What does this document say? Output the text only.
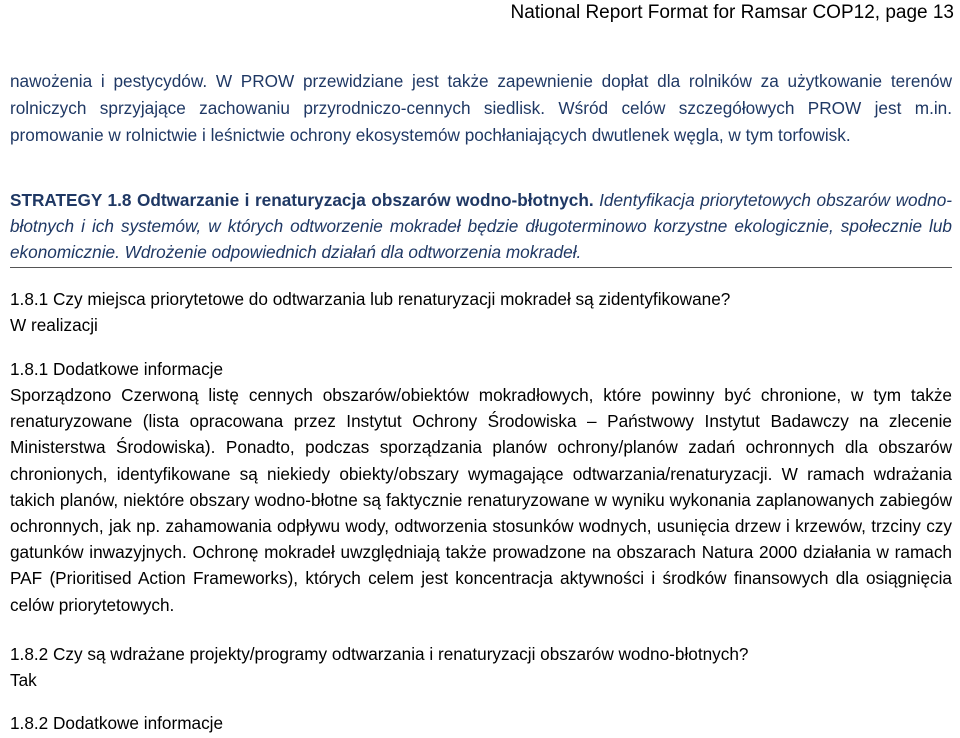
National Report Format for Ramsar COP12, page 13

nawożenia i pestycydów. W PROW przewidziane jest także zapewnienie dopłat dla rolników za użytkowanie terenów rolniczych sprzyjające zachowaniu przyrodniczo-cennych siedlisk. Wśród celów szczegółowych PROW jest m.in. promowanie w rolnictwie i leśnictwie ochrony ekosystemów pochłaniających dwutlenek węgla, w tym torfowisk.

STRATEGY 1.8 Odtwarzanie i renaturyzacja obszarów wodno-błotnych. Identyfikacja priorytetowych obszarów wodno-błotnych i ich systemów, w których odtworzenie mokradeł będzie długoterminowo korzystne ekologicznie, społecznie lub ekonomicznie. Wdrożenie odpowiednich działań dla odtworzenia mokradeł.

1.8.1 Czy miejsca priorytetowe do odtwarzania lub renaturyzacji mokradeł są zidentyfikowane?

W realizacji

1.8.1 Dodatkowe informacje

Sporządzono Czerwoną listę cennych obszarów/obiektów mokradłowych, które powinny być chronione, w tym także renaturyzowane (lista opracowana przez Instytut Ochrony Środowiska – Państwowy Instytut Badawczy na zlecenie Ministerstwa Środowiska). Ponadto, podczas sporządzania planów ochrony/planów zadań ochronnych dla obszarów chronionych, identyfikowane są niekiedy obiekty/obszary wymagające odtwarzania/renaturyzacji. W ramach wdrażania takich planów, niektóre obszary wodno-błotne są faktycznie renaturyzowane w wyniku wykonania zaplanowanych zabiegów ochronnych, jak np. zahamowania odpływu wody, odtworzenia stosunków wodnych, usunięcia drzew i krzewów, trzciny czy gatunków inwazyjnych. Ochronę mokradeł uwzględniają także prowadzone na obszarach Natura 2000 działania w ramach PAF (Prioritised Action Frameworks), których celem jest koncentracja aktywności i środków finansowych dla osiągnięcia celów priorytetowych.

1.8.2 Czy są wdrażane projekty/programy odtwarzania i renaturyzacji obszarów wodno-błotnych?

Tak

1.8.2 Dodatkowe informacje
